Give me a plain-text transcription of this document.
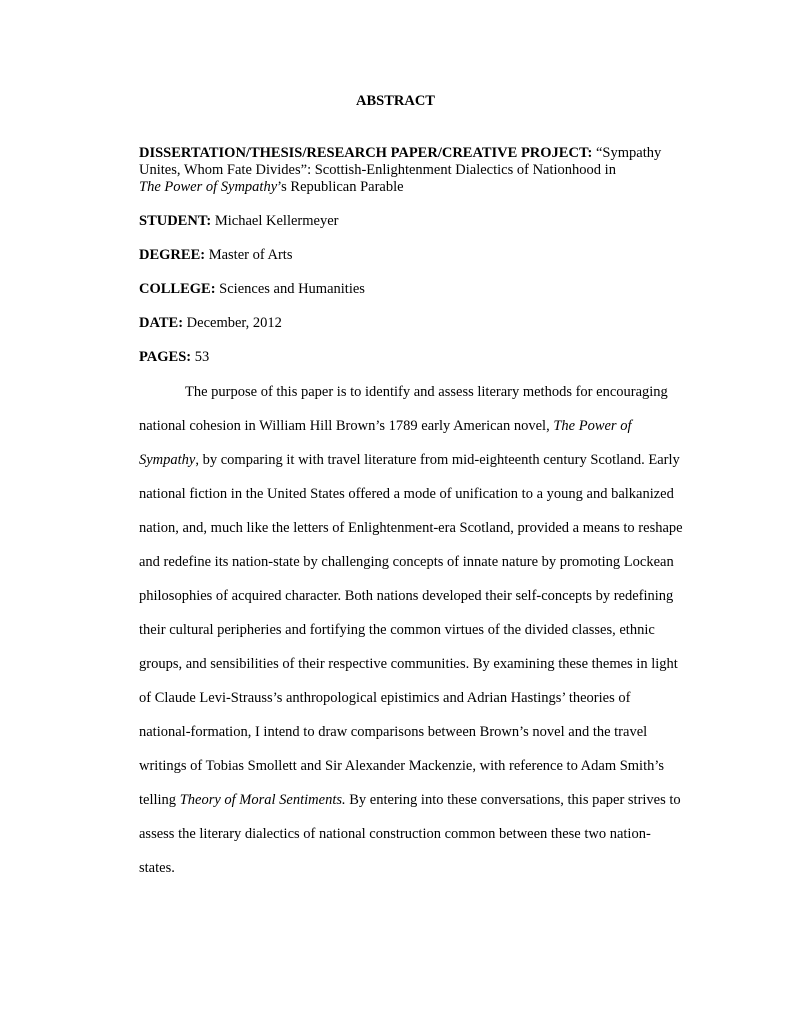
ABSTRACT
DISSERTATION/THESIS/RESEARCH PAPER/CREATIVE PROJECT: “Sympathy
Unites, Whom Fate Divides”: Scottish-Enlightenment Dialectics of Nationhood in
The Power of Sympathy’s Republican Parable
STUDENT: Michael Kellermeyer
DEGREE: Master of Arts
COLLEGE: Sciences and Humanities
DATE: December, 2012
PAGES: 53
The purpose of this paper is to identify and assess literary methods for encouraging
national cohesion in William Hill Brown’s 1789 early American novel, The Power of
Sympathy, by comparing it with travel literature from mid-eighteenth century Scotland. Early
national fiction in the United States offered a mode of unification to a young and balkanized
nation, and, much like the letters of Enlightenment-era Scotland, provided a means to reshape
and redefine its nation-state by challenging concepts of innate nature by promoting Lockean
philosophies of acquired character. Both nations developed their self-concepts by redefining
their cultural peripheries and fortifying the common virtues of the divided classes, ethnic
groups, and sensibilities of their respective communities. By examining these themes in light
of Claude Levi-Strauss’s anthropological epistimics and Adrian Hastings’ theories of
national-formation, I intend to draw comparisons between Brown’s novel and the travel
writings of Tobias Smollett and Sir Alexander Mackenzie, with reference to Adam Smith’s
telling Theory of Moral Sentiments. By entering into these conversations, this paper strives to
assess the literary dialectics of national construction common between these two nation-
states.
